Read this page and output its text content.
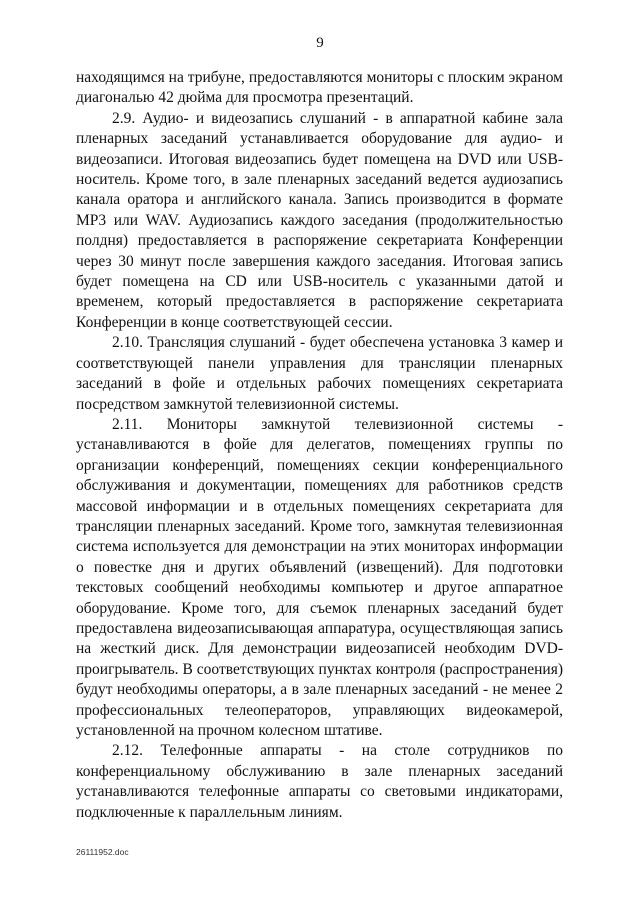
9

находящимся на трибуне, предоставляются мониторы с плоским экраном диагональю 42 дюйма для просмотра презентаций.

2.9. Аудио- и видеозапись слушаний - в аппаратной кабине зала пленарных заседаний устанавливается оборудование для аудио- и видеозаписи. Итоговая видеозапись будет помещена на DVD или USB-носитель. Кроме того, в зале пленарных заседаний ведется аудиозапись канала оратора и английского канала. Запись производится в формате MP3 или WAV. Аудиозапись каждого заседания (продолжительностью полдня) предоставляется в распоряжение секретариата Конференции через 30 минут после завершения каждого заседания. Итоговая запись будет помещена на CD или USB-носитель с указанными датой и временем, который предоставляется в распоряжение секретариата Конференции в конце соответствующей сессии.

2.10. Трансляция слушаний - будет обеспечена установка 3 камер и соответствующей панели управления для трансляции пленарных заседаний в фойе и отдельных рабочих помещениях секретариата посредством замкнутой телевизионной системы.

2.11. Мониторы замкнутой телевизионной системы - устанавливаются в фойе для делегатов, помещениях группы по организации конференций, помещениях секции конференциального обслуживания и документации, помещениях для работников средств массовой информации и в отдельных помещениях секретариата для трансляции пленарных заседаний. Кроме того, замкнутая телевизионная система используется для демонстрации на этих мониторах информации о повестке дня и других объявлений (извещений). Для подготовки текстовых сообщений необходимы компьютер и другое аппаратное оборудование. Кроме того, для съемок пленарных заседаний будет предоставлена видеозаписывающая аппаратура, осуществляющая запись на жесткий диск. Для демонстрации видеозаписей необходим DVD-проигрыватель. В соответствующих пунктах контроля (распространения) будут необходимы операторы, а в зале пленарных заседаний - не менее 2 профессиональных телеоператоров, управляющих видеокамерой, установленной на прочном колесном штативе.

2.12. Телефонные аппараты - на столе сотрудников по конференциальному обслуживанию в зале пленарных заседаний устанавливаются телефонные аппараты со световыми индикаторами, подключенные к параллельным линиям.

26111952.doc
